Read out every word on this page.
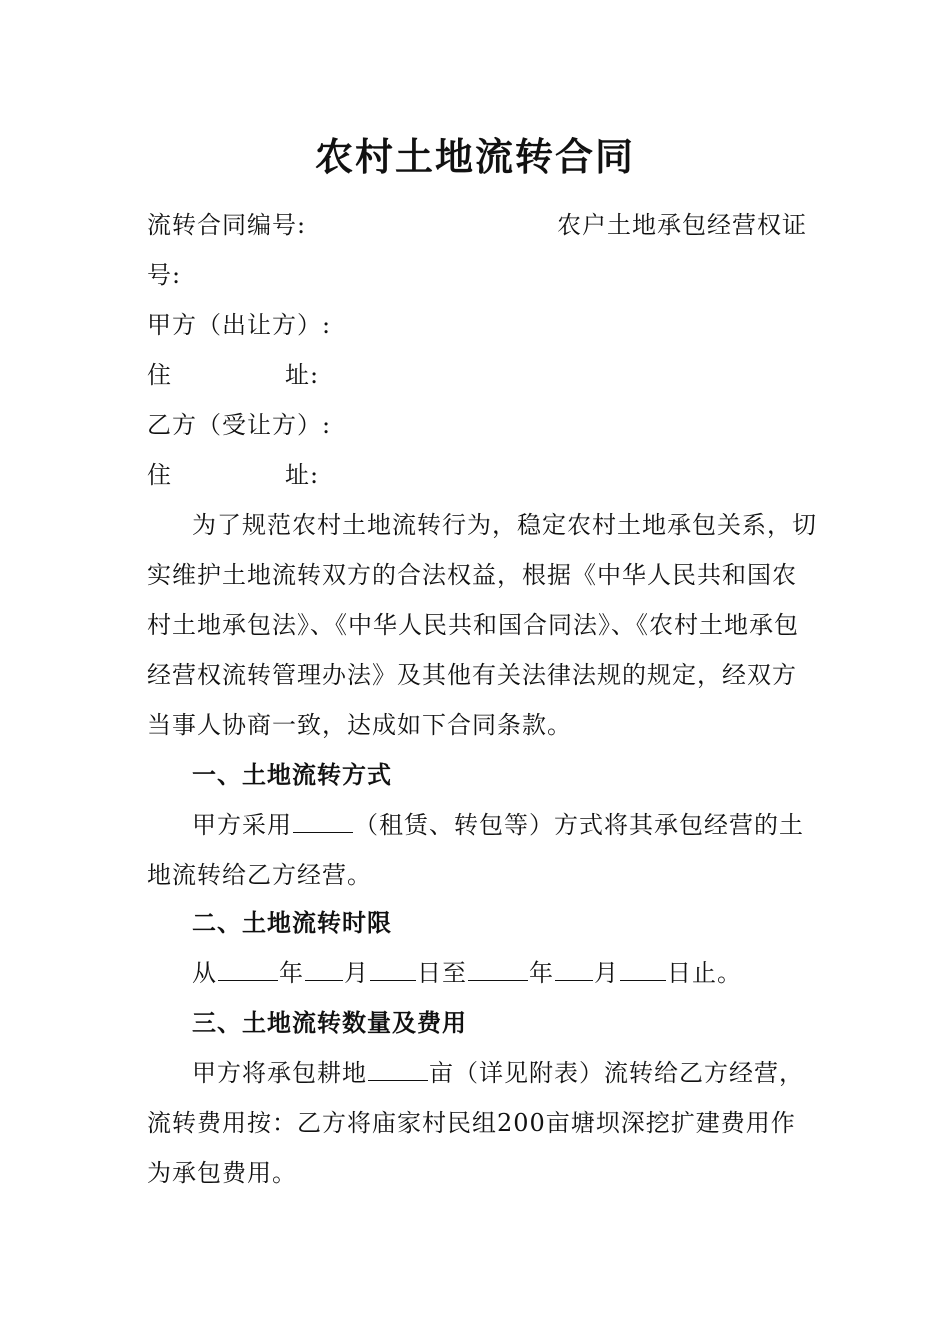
农村土地流转合同
流转合同编号:	农户土地承包经营权证
号:
甲方（出让方）:
住	址:
乙方（受让方）:
住	址:
为了规范农村土地流转行为，稳定农村土地承包关系，切
实维护土地流转双方的合法权益，根据《中华人民共和国农
村土地承包法》、《中华人民共和国合同法》、《农村土地承包
经营权流转管理办法》及其他有关法律法规的规定，经双方
当事人协商一致，达成如下合同条款。
一、土地流转方式
甲方采用	（租赁、转包等）方式将其承包经营的土
地流转给乙方经营。
二、土地流转时限
从	年 月 日至	年 月 日止。
三、土地流转数量及费用
甲方将承包耕地	亩（详见附表）流转给乙方经营，
流转费用按：乙方将庙家村民组200亩塘坝深挖扩建费用作
为承包费用。
